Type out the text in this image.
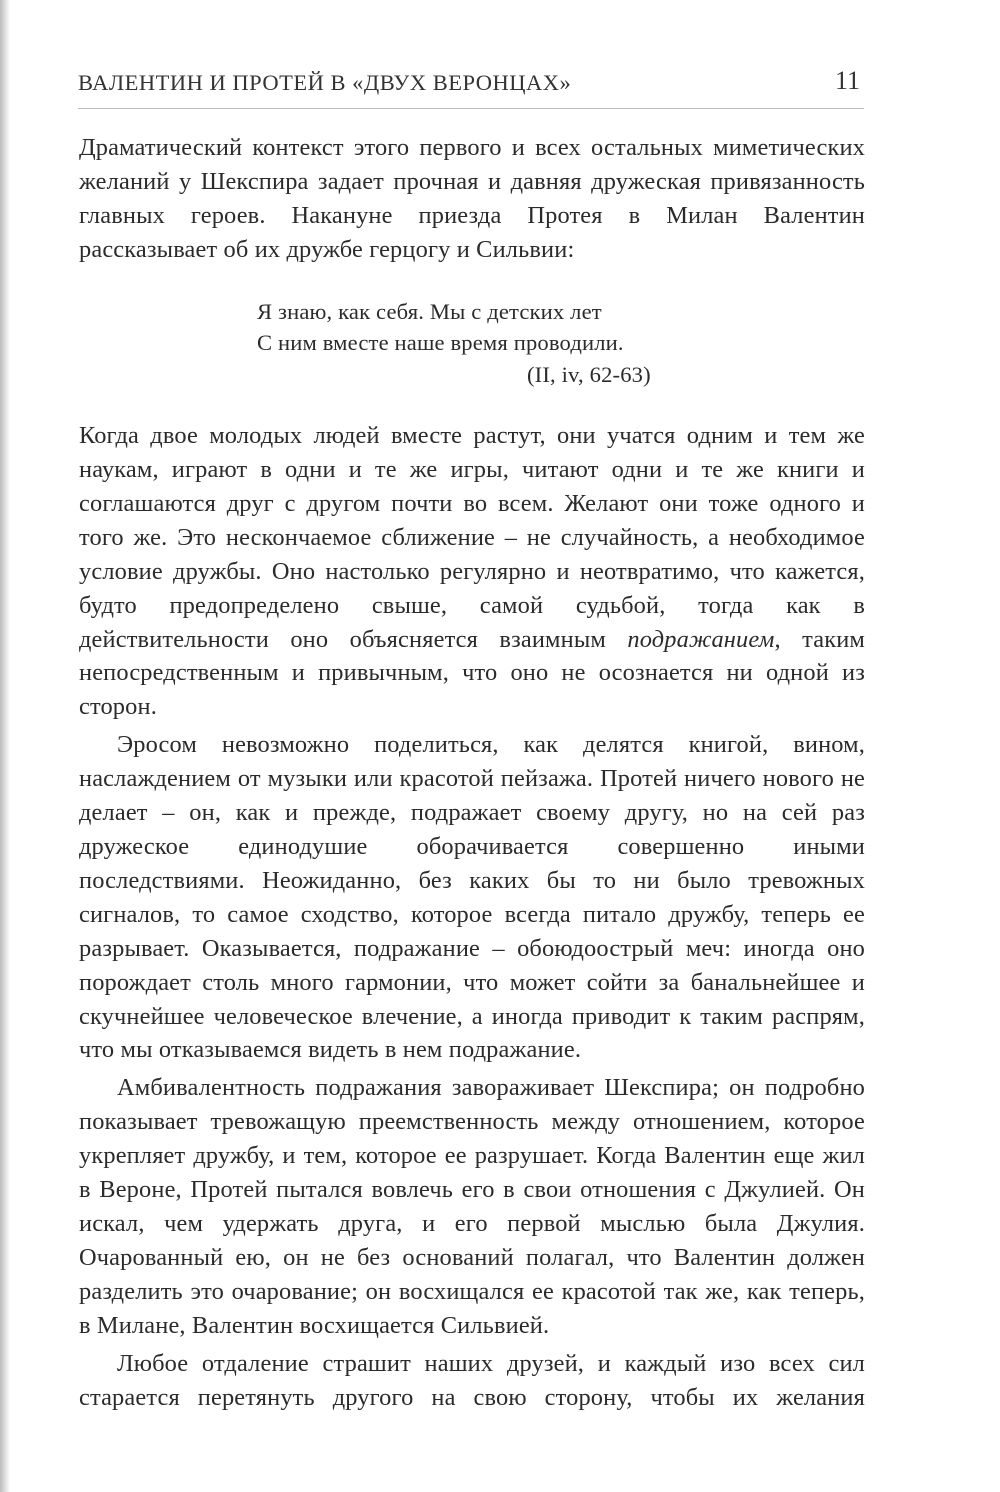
ВАЛЕНТИН И ПРОТЕЙ В «ДВУХ ВЕРОНЦАХ»	11

Драматический контекст этого первого и всех остальных миметических желаний у Шекспира задает прочная и давняя дружеская привязанность главных героев. Накануне приезда Протея в Милан Валентин рассказывает об их дружбе герцогу и Сильвии:

Я знаю, как себя. Мы с детских лет
С ним вместе наше время проводили.
(II, iv, 62-63)

Когда двое молодых людей вместе растут, они учатся одним и тем же наукам, играют в одни и те же игры, читают одни и те же книги и соглашаются друг с другом почти во всем. Желают они тоже одного и того же. Это нескончаемое сближение – не случайность, а необходимое условие дружбы. Оно настолько регулярно и неотвратимо, что кажется, будто предопределено свыше, самой судьбой, тогда как в действительности оно объясняется взаимным подражанием, таким непосредственным и привычным, что оно не осознается ни одной из сторон.

Эросом невозможно поделиться, как делятся книгой, вином, наслаждением от музыки или красотой пейзажа. Протей ничего нового не делает – он, как и прежде, подражает своему другу, но на сей раз дружеское единодушие оборачивается совершенно иными последствиями. Неожиданно, без каких бы то ни было тревожных сигналов, то самое сходство, которое всегда питало дружбу, теперь ее разрывает. Оказывается, подражание – обоюдоострый меч: иногда оно порождает столь много гармонии, что может сойти за банальнейшее и скучнейшее человеческое влечение, а иногда приводит к таким распрям, что мы отказываемся видеть в нем подражание.

Амбивалентность подражания завораживает Шекспира; он подробно показывает тревожащую преемственность между отношением, которое укрепляет дружбу, и тем, которое ее разрушает. Когда Валентин еще жил в Вероне, Протей пытался вовлечь его в свои отношения с Джулией. Он искал, чем удержать друга, и его первой мыслью была Джулия. Очарованный ею, он не без оснований полагал, что Валентин должен разделить это очарование; он восхищался ее красотой так же, как теперь, в Милане, Валентин восхищается Сильвией.

Любое отдаление страшит наших друзей, и каждый изо всех сил старается перетянуть другого на свою сторону, чтобы их желания
